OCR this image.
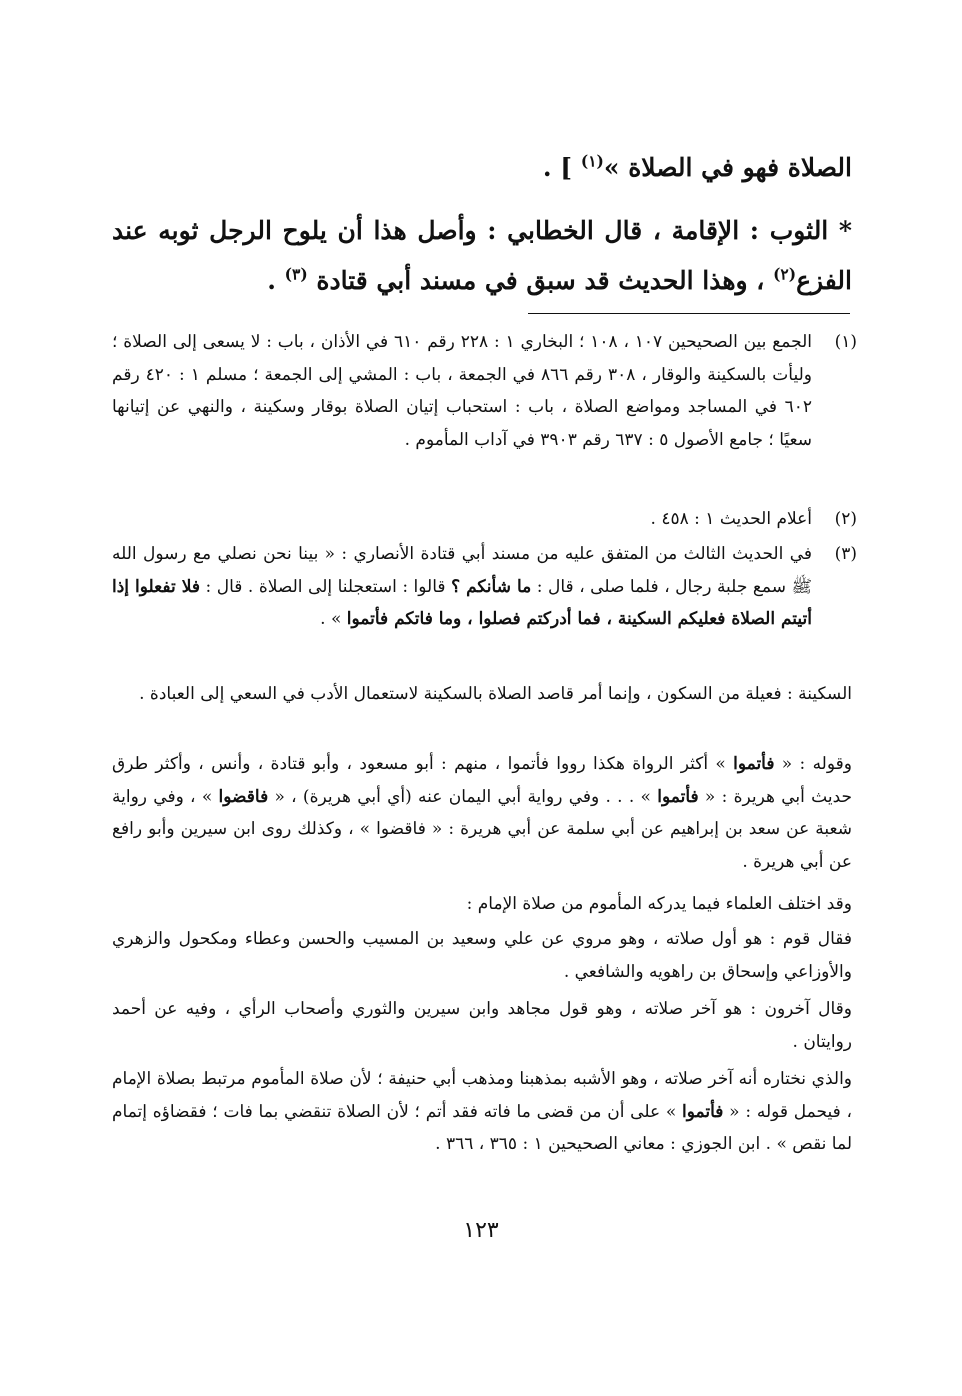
الصلاة فهو في الصلاة »$^{(١)}$ ] .
* الثوب : الإقامة ، قال الخطابي : وأصل هذا أن يلوح الرجل ثوبه عند الفزع$^{(٢)}$ ، وهذا الحديث قد سبق في مسند أبي قتادة $^{(٣)}$ .
(١)
الجمع بين الصحيحين ١٠٧ ، ١٠٨ ؛ البخاري ١ : ٢٢٨ رقم ٦١٠ في الأذان ، باب : لا يسعى إلى الصلاة ؛ وليأت بالسكينة والوقار ، ٣٠٨ رقم ٨٦٦ في الجمعة ، باب : المشي إلى الجمعة ؛ مسلم ١ : ٤٢٠ رقم ٦٠٢ في المساجد ومواضع الصلاة ، باب : استحباب إتيان الصلاة بوقار وسكينة ، والنهي عن إتيانها سعيًا ؛ جامع الأصول ٥ : ٦٣٧ رقم ٣٩٠٣ في آداب المأموم .
(٢)
أعلام الحديث ١ : ٤٥٨ .
(٣)
في الحديث الثالث من المتفق عليه من مسند أبي قتادة الأنصاري : « بينا نحن نصلي مع رسول الله ﷺ سمع جلبة رجال ، فلما صلى ، قال : ما شأنكم ؟ قالوا : استعجلنا إلى الصلاة . قال : فلا تفعلوا إذا أتيتم الصلاة فعليكم السكينة ، فما أدركتم فصلوا ، وما فاتكم فأتموا » .
السكينة : فعيلة من السكون ، وإنما أمر قاصد الصلاة بالسكينة لاستعمال الأدب في السعي إلى العبادة .
وقوله : « فأتموا » أكثر الرواة هكذا رووا فأتموا ، منهم : أبو مسعود ، وأبو قتادة ، وأنس ، وأكثر طرق حديث أبي هريرة : « فأتموا » . . . وفي رواية أبي اليمان عنه (أي أبي هريرة) ، « فاقضوا » ، وفي رواية شعبة عن سعد بن إبراهيم عن أبي سلمة عن أبي هريرة : « فاقضوا » ، وكذلك روى ابن سيرين وأبو رافع عن أبي هريرة .
وقد اختلف العلماء فيما يدركه المأموم من صلاة الإمام :
فقال قوم : هو أول صلاته ، وهو مروي عن علي وسعيد بن المسيب والحسن وعطاء ومكحول والزهري والأوزاعي وإسحاق بن راهويه والشافعي .
وقال آخرون : هو آخر صلاته ، وهو قول مجاهد وابن سيرين والثوري وأصحاب الرأي ، وفيه عن أحمد روايتان .
والذي نختاره أنه آخر صلاته ، وهو الأشبه بمذهبنا ومذهب أبي حنيفة ؛ لأن صلاة المأموم مرتبط بصلاة الإمام ، فيحمل قوله : « فأتموا » على أن من قضى ما فاته فقد أتم ؛ لأن الصلاة تنقضي بما فات ؛ فقضاؤه إتمام لما نقص » . ابن الجوزي : معاني الصحيحين ١ : ٣٦٥ ، ٣٦٦ .
١٢٣
